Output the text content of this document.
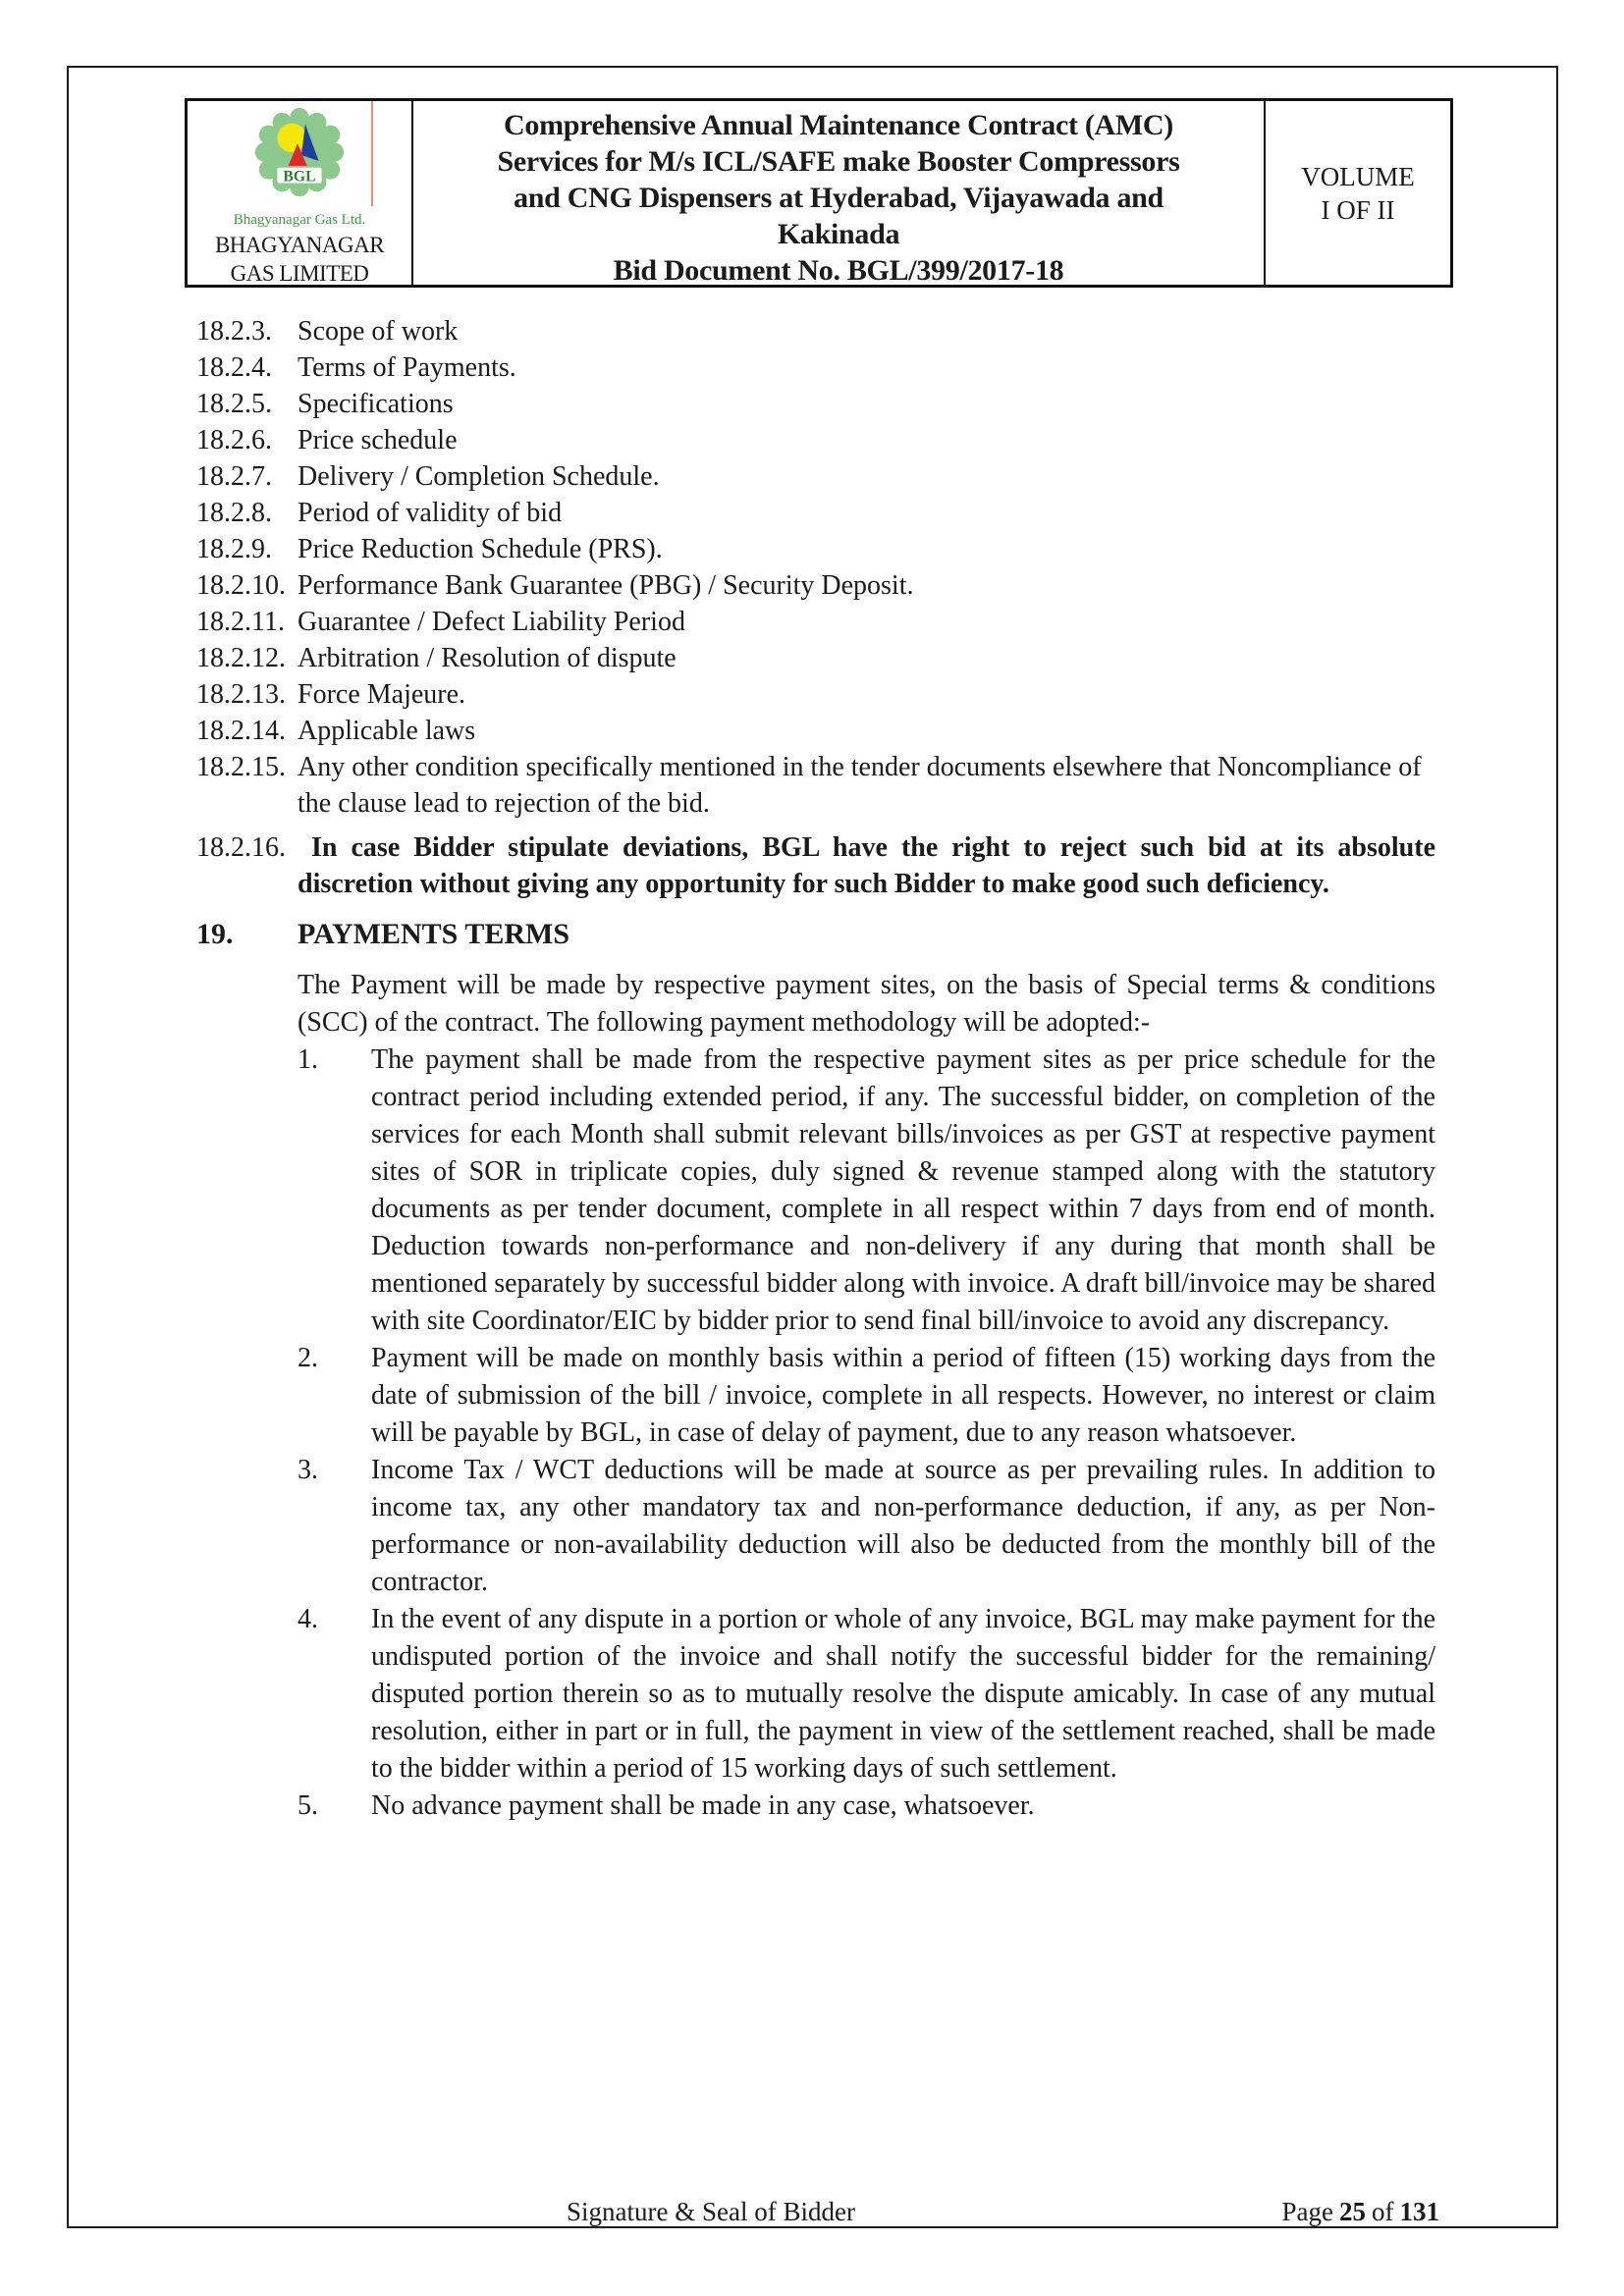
BGL
Bhagyanagar Gas Ltd.
BHAGYANAGAR
GAS LIMITED
Comprehensive Annual Maintenance Contract (AMC)
Services for M/s ICL/SAFE make Booster Compressors
and CNG Dispensers at Hyderabad, Vijayawada and
Kakinada
Bid Document No. BGL/399/2017-18
VOLUME
I OF II
18.2.3. Scope of work
18.2.4. Terms of Payments.
18.2.5. Specifications
18.2.6. Price schedule
18.2.7. Delivery / Completion Schedule.
18.2.8. Period of validity of bid
18.2.9. Price Reduction Schedule (PRS).
18.2.10. Performance Bank Guarantee (PBG) / Security Deposit.
18.2.11. Guarantee / Defect Liability Period
18.2.12. Arbitration / Resolution of dispute
18.2.13. Force Majeure.
18.2.14. Applicable laws
18.2.15. Any other condition specifically mentioned in the tender documents elsewhere that Noncompliance of the clause lead to rejection of the bid.
18.2.16. In case Bidder stipulate deviations, BGL have the right to reject such bid at its absolute discretion without giving any opportunity for such Bidder to make good such deficiency.
19. PAYMENTS TERMS
The Payment will be made by respective payment sites, on the basis of Special terms & conditions (SCC) of the contract. The following payment methodology will be adopted:-
1. The payment shall be made from the respective payment sites as per price schedule for the contract period including extended period, if any. The successful bidder, on completion of the services for each Month shall submit relevant bills/invoices as per GST at respective payment sites of SOR in triplicate copies, duly signed & revenue stamped along with the statutory documents as per tender document, complete in all respect within 7 days from end of month. Deduction towards non-performance and non-delivery if any during that month shall be mentioned separately by successful bidder along with invoice. A draft bill/invoice may be shared with site Coordinator/EIC by bidder prior to send final bill/invoice to avoid any discrepancy.
2. Payment will be made on monthly basis within a period of fifteen (15) working days from the date of submission of the bill / invoice, complete in all respects. However, no interest or claim will be payable by BGL, in case of delay of payment, due to any reason whatsoever.
3. Income Tax / WCT deductions will be made at source as per prevailing rules. In addition to income tax, any other mandatory tax and non-performance deduction, if any, as per Non-performance or non-availability deduction will also be deducted from the monthly bill of the contractor.
4. In the event of any dispute in a portion or whole of any invoice, BGL may make payment for the undisputed portion of the invoice and shall notify the successful bidder for the remaining/ disputed portion therein so as to mutually resolve the dispute amicably. In case of any mutual resolution, either in part or in full, the payment in view of the settlement reached, shall be made to the bidder within a period of 15 working days of such settlement.
5. No advance payment shall be made in any case, whatsoever.
Signature & Seal of Bidder	Page 25 of 131
